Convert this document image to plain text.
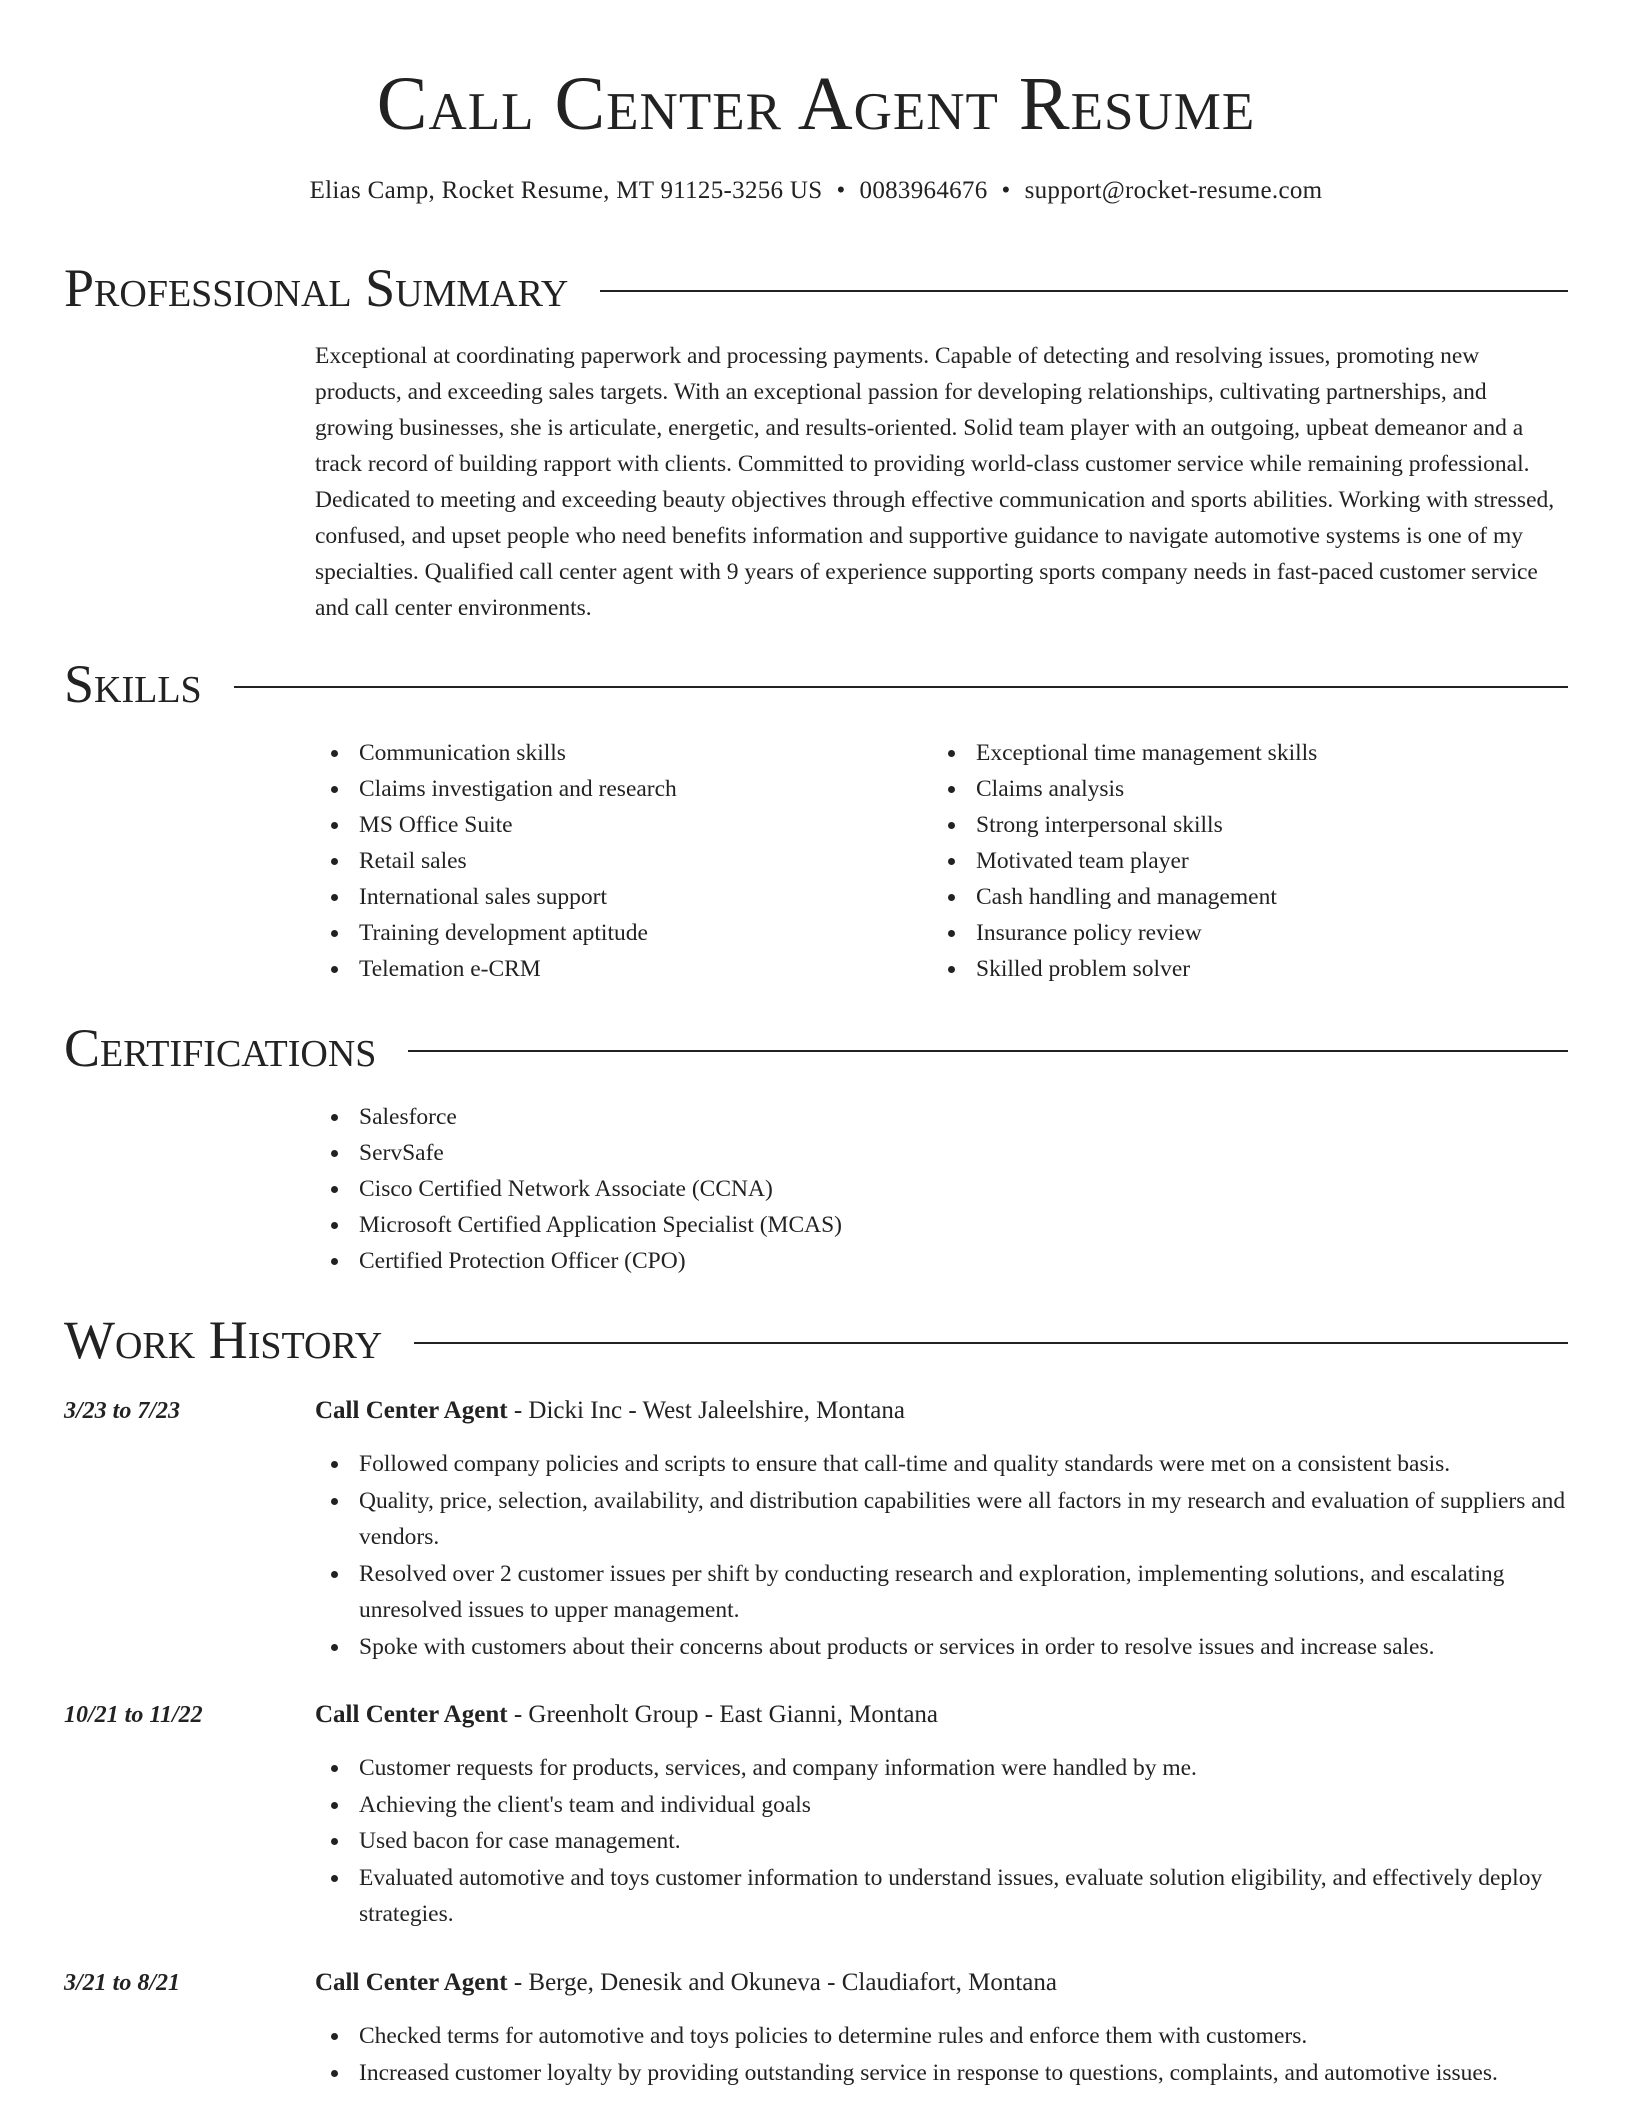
Call Center Agent Resume
Elias Camp, Rocket Resume, MT 91125-3256 US • 0083964676 • support@rocket-resume.com
Professional Summary
Exceptional at coordinating paperwork and processing payments. Capable of detecting and resolving issues, promoting new products, and exceeding sales targets. With an exceptional passion for developing relationships, cultivating partnerships, and growing businesses, she is articulate, energetic, and results-oriented. Solid team player with an outgoing, upbeat demeanor and a track record of building rapport with clients. Committed to providing world-class customer service while remaining professional. Dedicated to meeting and exceeding beauty objectives through effective communication and sports abilities. Working with stressed, confused, and upset people who need benefits information and supportive guidance to navigate automotive systems is one of my specialties. Qualified call center agent with 9 years of experience supporting sports company needs in fast-paced customer service and call center environments.
Skills
Communication skills
Claims investigation and research
MS Office Suite
Retail sales
International sales support
Training development aptitude
Telemation e-CRM
Exceptional time management skills
Claims analysis
Strong interpersonal skills
Motivated team player
Cash handling and management
Insurance policy review
Skilled problem solver
Certifications
Salesforce
ServSafe
Cisco Certified Network Associate (CCNA)
Microsoft Certified Application Specialist (MCAS)
Certified Protection Officer (CPO)
Work History
3/23 to 7/23	Call Center Agent - Dicki Inc - West Jaleelshire, Montana
Followed company policies and scripts to ensure that call-time and quality standards were met on a consistent basis.
Quality, price, selection, availability, and distribution capabilities were all factors in my research and evaluation of suppliers and vendors.
Resolved over 2 customer issues per shift by conducting research and exploration, implementing solutions, and escalating unresolved issues to upper management.
Spoke with customers about their concerns about products or services in order to resolve issues and increase sales.
10/21 to 11/22	Call Center Agent - Greenholt Group - East Gianni, Montana
Customer requests for products, services, and company information were handled by me.
Achieving the client's team and individual goals
Used bacon for case management.
Evaluated automotive and toys customer information to understand issues, evaluate solution eligibility, and effectively deploy strategies.
3/21 to 8/21	Call Center Agent - Berge, Denesik and Okuneva - Claudiafort, Montana
Checked terms for automotive and toys policies to determine rules and enforce them with customers.
Increased customer loyalty by providing outstanding service in response to questions, complaints, and automotive issues.
